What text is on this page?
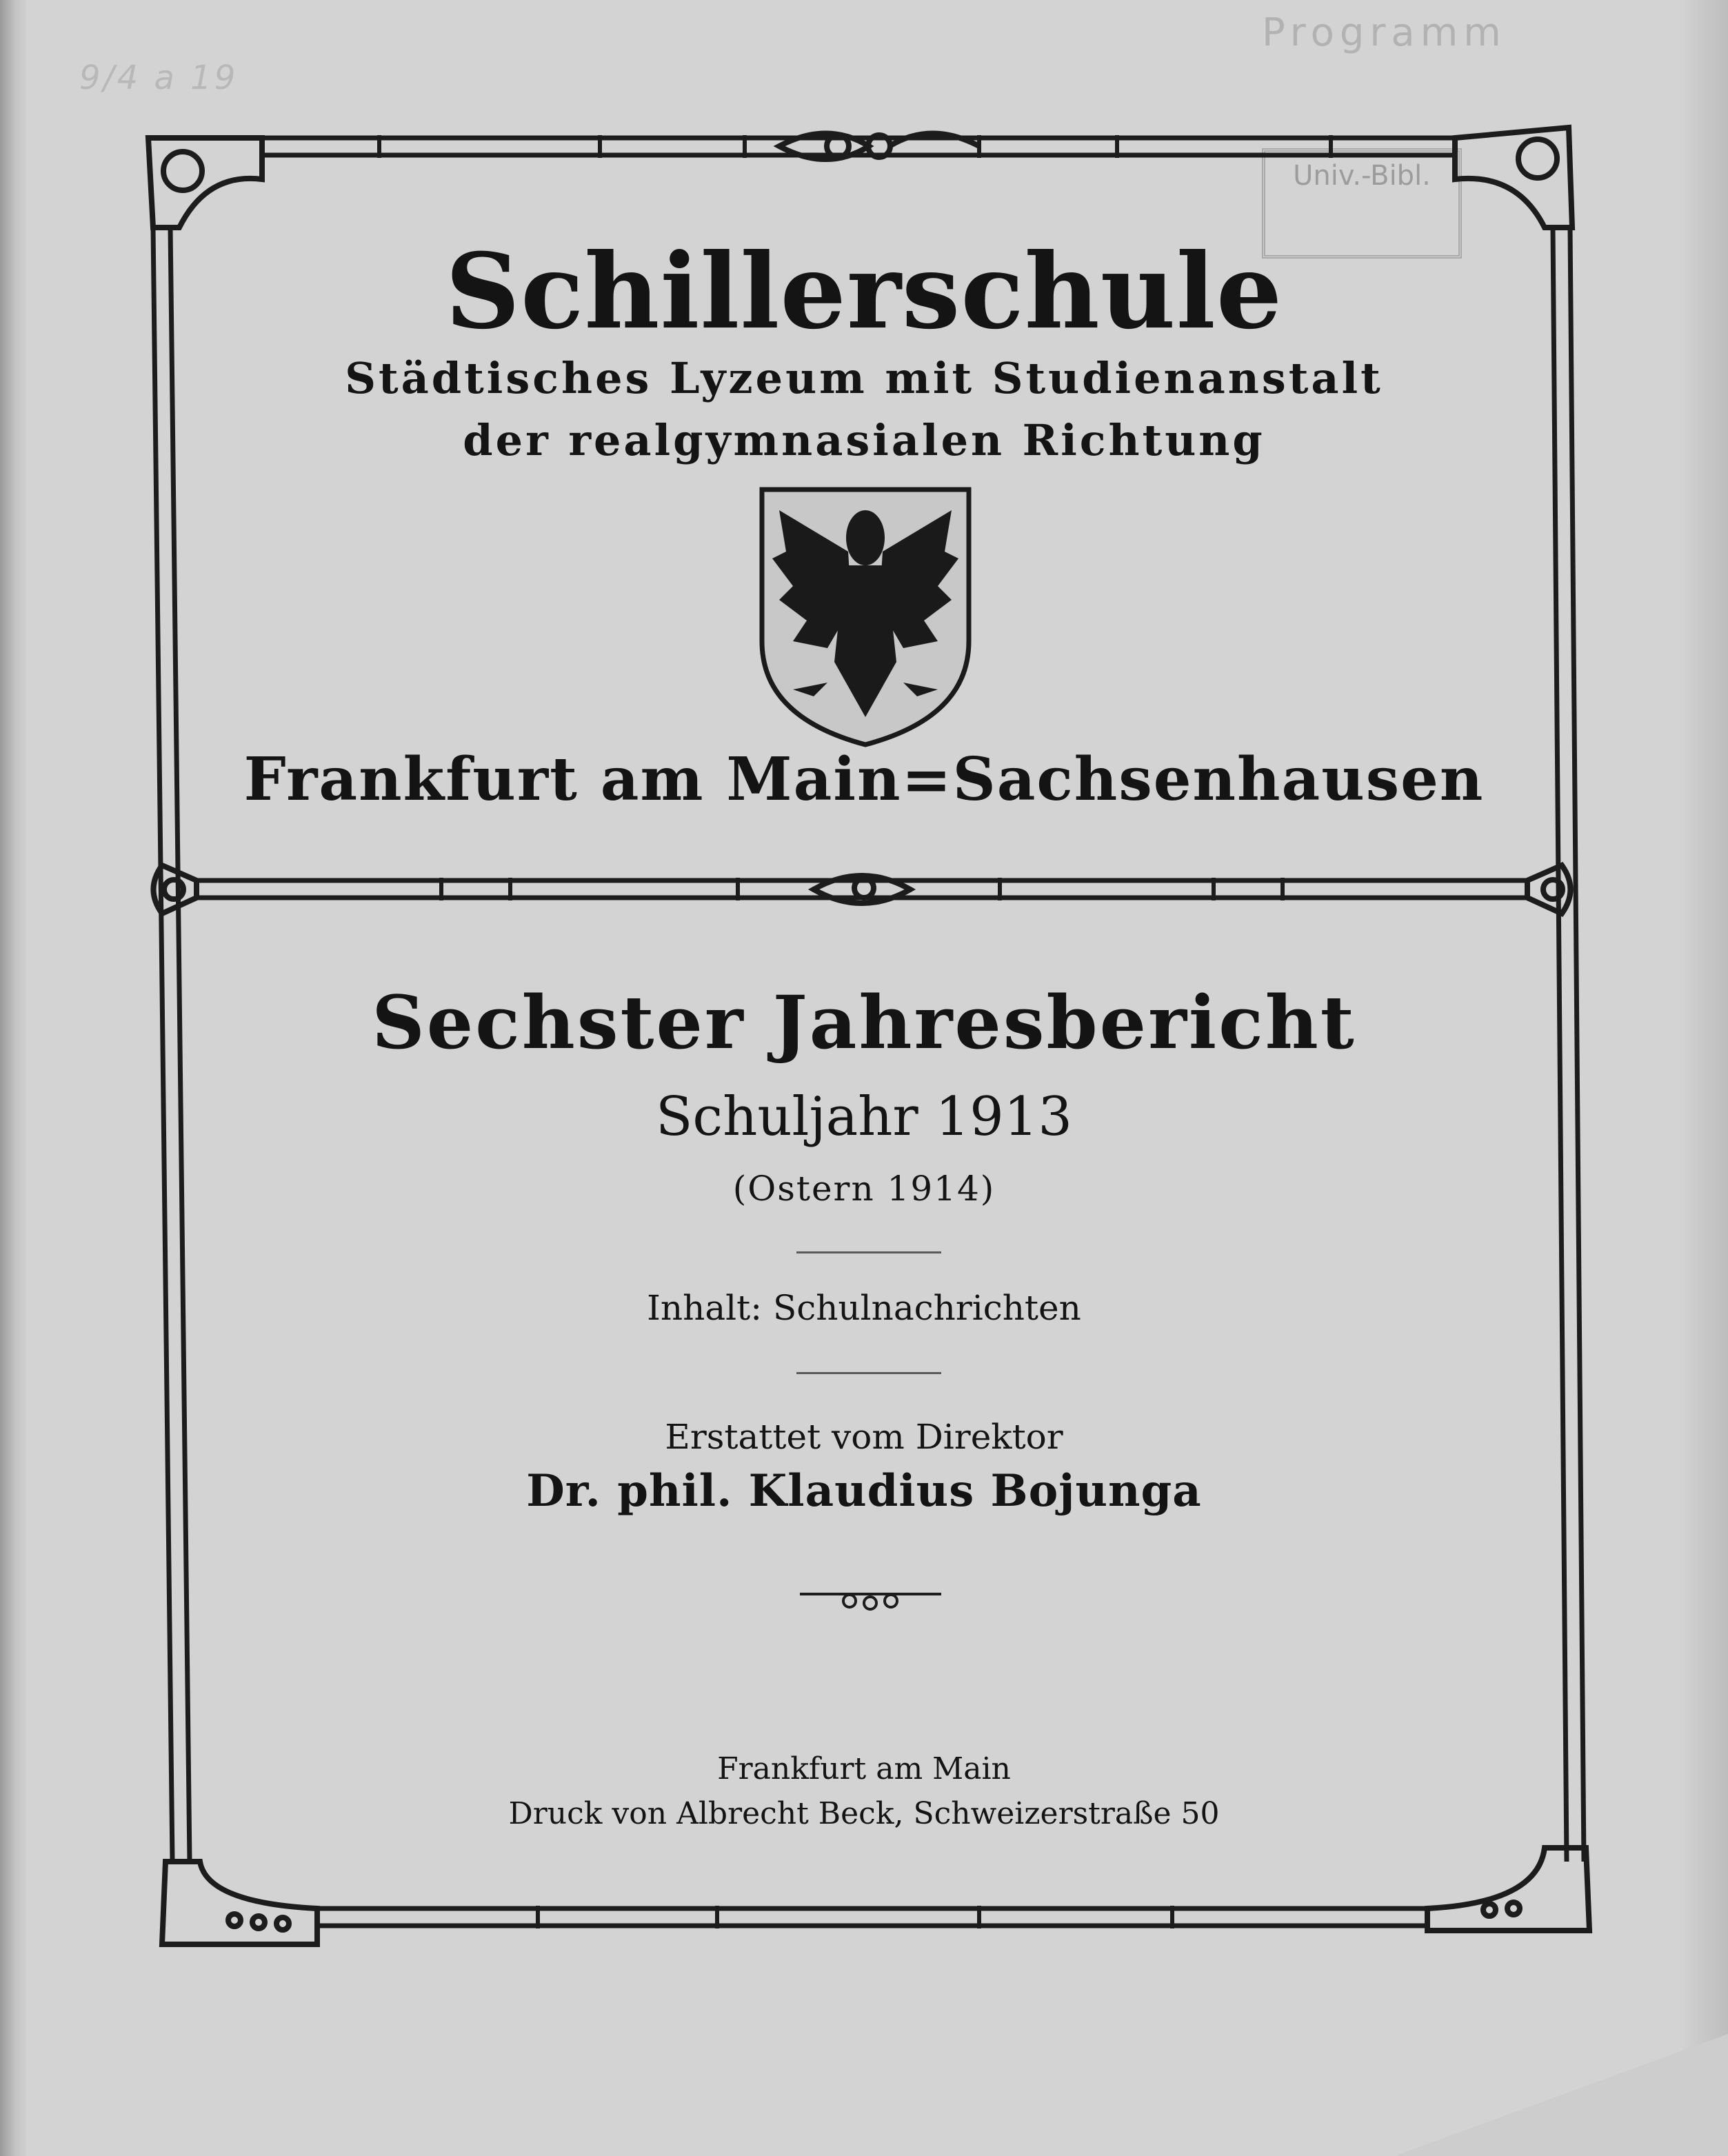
Programm
9/4 a 19
Univ.-Bibl.
Schillerschule
Städtisches Lyzeum mit Studienanstalt
der realgymnasialen Richtung
Frankfurt am Main=Sachsenhausen
Sechster Jahresbericht
Schuljahr 1913
(Ostern 1914)
Inhalt: Schulnachrichten
Erstattet vom Direktor
Dr. phil. Klaudius Bojunga
Frankfurt am Main
Druck von Albrecht Beck, Schweizerstraße 50
